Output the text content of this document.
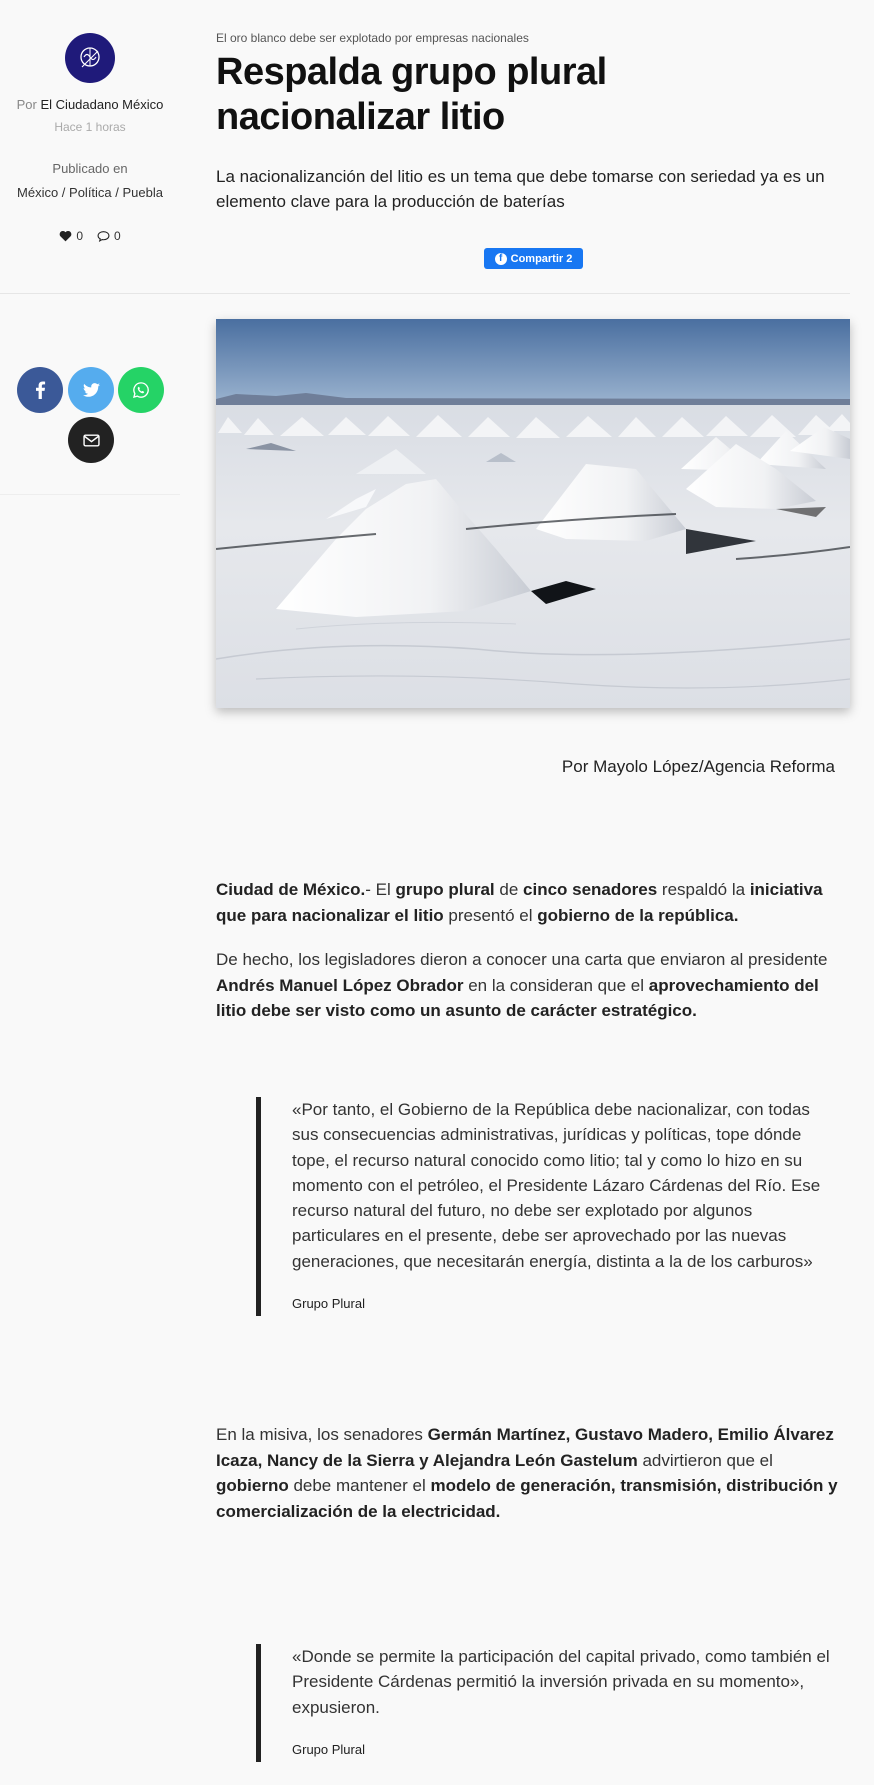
Por El Ciudadano México
Hace 1 horas
Publicado en
México / Política / Puebla
0	0
El oro blanco debe ser explotado por empresas nacionales
Respalda grupo plural nacionalizar litio

La nacionalizanción del litio es un tema que debe tomarse con seriedad ya es un elemento clave para la producción de baterías

f Compartir 2
Por Mayolo López/Agencia Reforma

Ciudad de México.- El grupo plural de cinco senadores respaldó la iniciativa que para nacionalizar el litio presentó el gobierno de la república.

De hecho, los legisladores dieron a conocer una carta que enviaron al presidente Andrés Manuel López Obrador en la consideran que el aprovechamiento del litio debe ser visto como un asunto de carácter estratégico.

«Por tanto, el Gobierno de la República debe nacionalizar, con todas sus consecuencias administrativas, jurídicas y políticas, tope dónde tope, el recurso natural conocido como litio; tal y como lo hizo en su momento con el petróleo, el Presidente Lázaro Cárdenas del Río. Ese recurso natural del futuro, no debe ser explotado por algunos particulares en el presente, debe ser aprovechado por las nuevas generaciones, que necesitarán energía, distinta a la de los carburos»

Grupo Plural

En la misiva, los senadores Germán Martínez, Gustavo Madero, Emilio Álvarez Icaza, Nancy de la Sierra y Alejandra León Gastelum advirtieron que el gobierno debe mantener el modelo de generación, transmisión, distribución y comercialización de la electricidad.

«Donde se permite la participación del capital privado, como también el Presidente Cárdenas permitió la inversión privada en su momento», expusieron.

Grupo Plural
